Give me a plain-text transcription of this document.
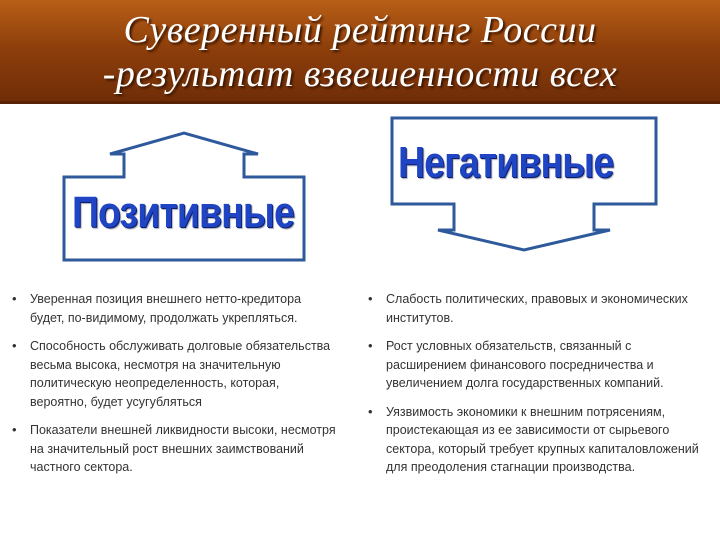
Суверенный рейтинг России
-результат взвешенности всех
Позитивные
Негативные
• Уверенная позиция внешнего нетто-кредитора будет, по-видимому, продолжать укрепляться.
• Способность обслуживать долговые обязательства весьма высока, несмотря на значительную политическую неопределенность, которая, вероятно, будет усугубляться
• Показатели внешней ликвидности высоки, несмотря на значительный рост внешних заимствований частного сектора.
• Слабость политических, правовых и экономических институтов.
• Рост условных обязательств, связанный с расширением финансового посредничества и увеличением долга государственных компаний.
• Уязвимость экономики к внешним потрясениям, проистекающая из ее зависимости от сырьевого сектора, который требует крупных капиталовложений для преодоления стагнации производства.
